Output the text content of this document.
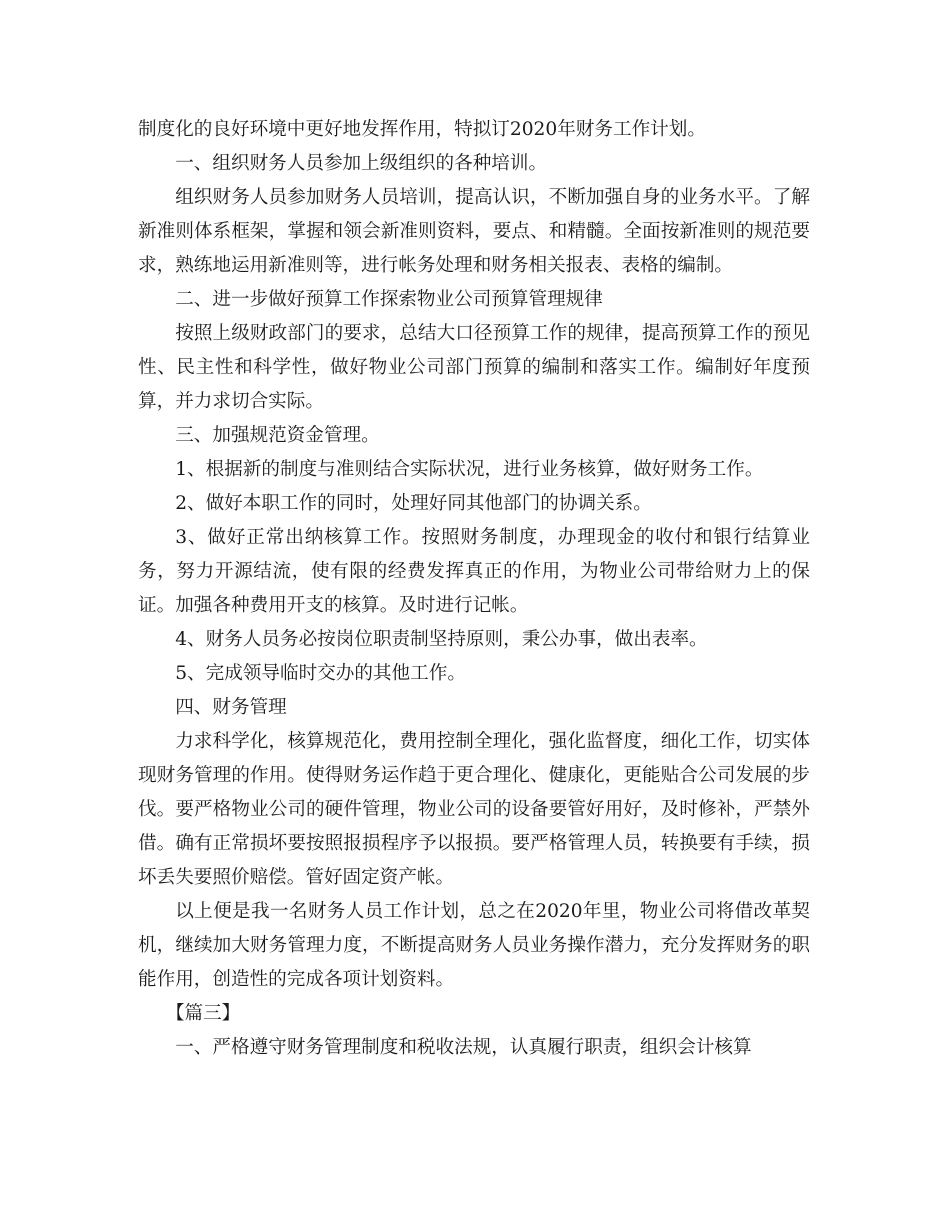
制度化的良好环境中更好地发挥作用，特拟订2020年财务工作计划。

一、组织财务人员参加上级组织的各种培训。

组织财务人员参加财务人员培训，提高认识，不断加强自身的业务水平。了解新准则体系框架，掌握和领会新准则资料，要点、和精髓。全面按新准则的规范要求，熟练地运用新准则等，进行帐务处理和财务相关报表、表格的编制。

二、进一步做好预算工作探索物业公司预算管理规律

按照上级财政部门的要求，总结大口径预算工作的规律，提高预算工作的预见性、民主性和科学性，做好物业公司部门预算的编制和落实工作。编制好年度预算，并力求切合实际。

三、加强规范资金管理。

1、根据新的制度与准则结合实际状况，进行业务核算，做好财务工作。

2、做好本职工作的同时，处理好同其他部门的协调关系。

3、做好正常出纳核算工作。按照财务制度，办理现金的收付和银行结算业务，努力开源结流，使有限的经费发挥真正的作用，为物业公司带给财力上的保证。加强各种费用开支的核算。及时进行记帐。

4、财务人员务必按岗位职责制坚持原则，秉公办事，做出表率。

5、完成领导临时交办的其他工作。

四、财务管理

力求科学化，核算规范化，费用控制全理化，强化监督度，细化工作，切实体现财务管理的作用。使得财务运作趋于更合理化、健康化，更能贴合公司发展的步伐。要严格物业公司的硬件管理，物业公司的设备要管好用好，及时修补，严禁外借。确有正常损坏要按照报损程序予以报损。要严格管理人员，转换要有手续，损坏丢失要照价赔偿。管好固定资产帐。

以上便是我一名财务人员工作计划，总之在2020年里，物业公司将借改革契机，继续加大财务管理力度，不断提高财务人员业务操作潜力，充分发挥财务的职能作用，创造性的完成各项计划资料。

【篇三】

一、严格遵守财务管理制度和税收法规，认真履行职责，组织会计核算
